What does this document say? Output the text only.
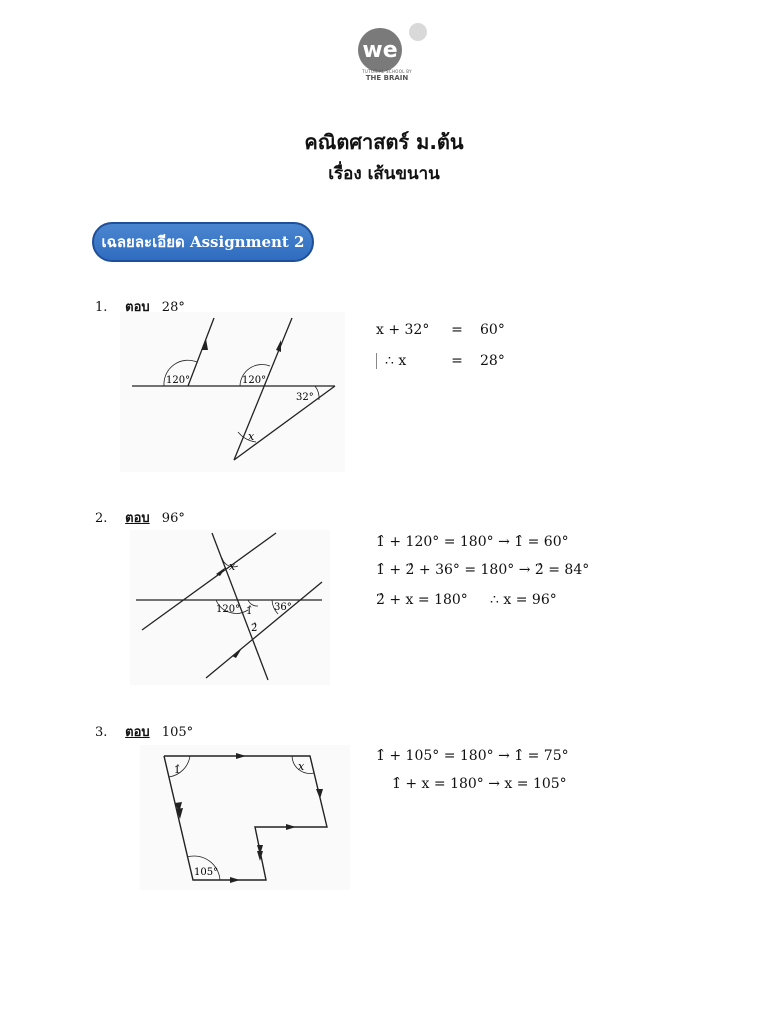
we
TUTORIAL SCHOOL BY
THE BRAIN
คณิตศาสตร์ ม.ต้น
เรื่อง เส้นขนาน
เฉลยละเอียด Assignment 2
1. ตอบ 28°
120°	120°
32°
x
x + 32° = 60°
∴ x	= 28°
2. ตอบ 96°
x
120° 1̂ 36°
2̂
1̂ + 120° = 180° → 1̂ = 60°
1̂ + 2̂ + 36° = 180° → 2̂ = 84°
2̂ + x = 180°     ∴ x = 96°
3. ตอบ 105°
1̂	x
105°
1̂ + 105° = 180° → 1̂ = 75°
1̂ + x = 180° → x = 105°
